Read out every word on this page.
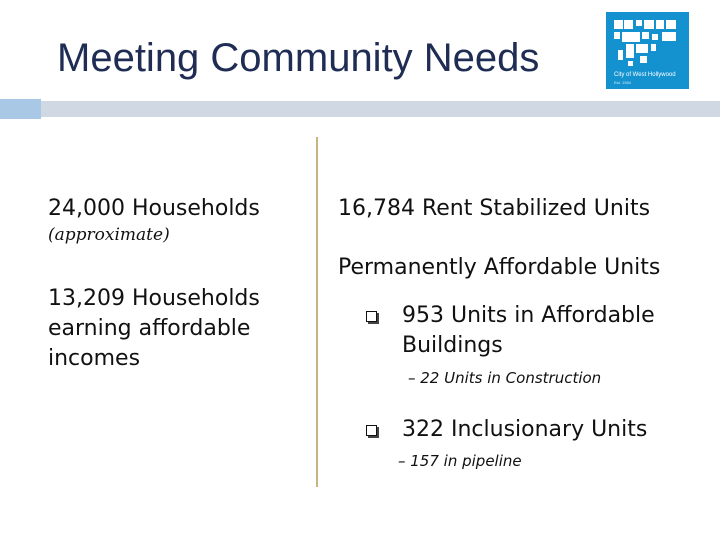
Meeting Community Needs	City of West Hollywood
Est. 1984
24,000 Households
(approximate)
13,209 Households
earning affordable
incomes
16,784 Rent Stabilized Units
Permanently Affordable Units
953 Units in Affordable
Buildings
– 22 Units in Construction
322 Inclusionary Units
– 157 in pipeline
